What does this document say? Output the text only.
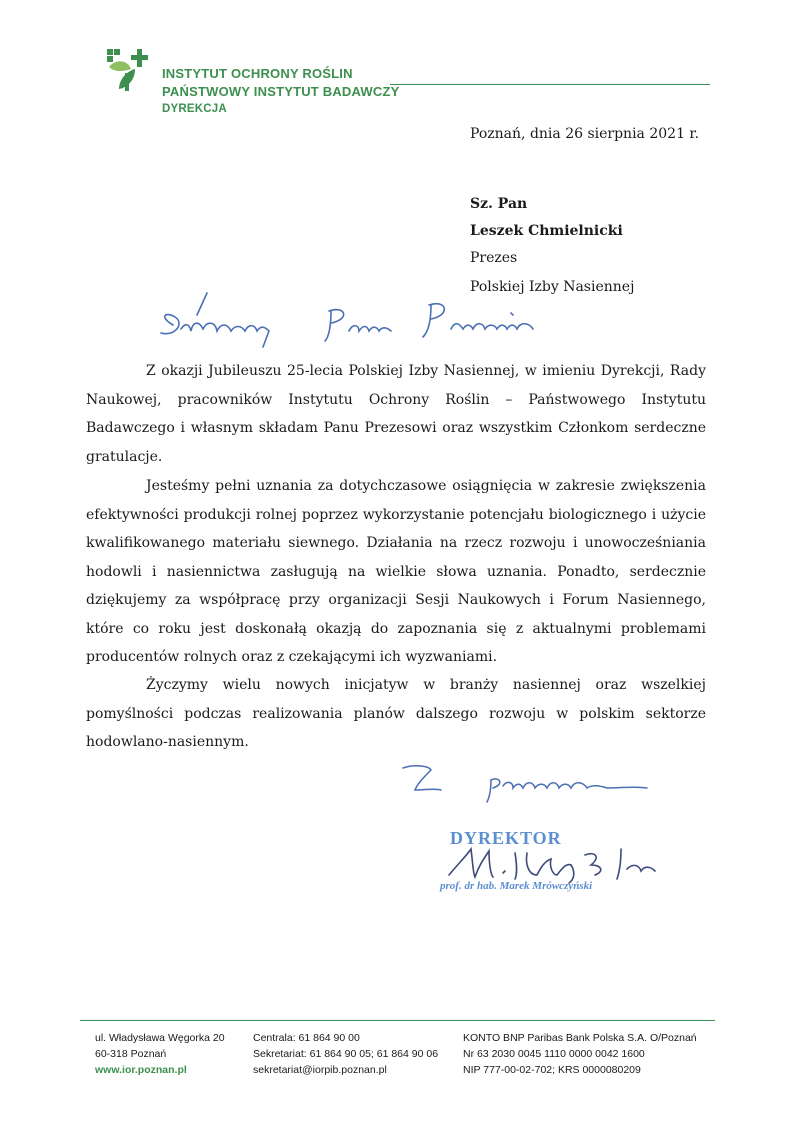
INSTYTUT OCHRONY ROŚLIN
PAŃSTWOWY INSTYTUT BADAWCZY
DYREKCJA
Poznań, dnia 26 sierpnia 2021 r.
Sz. Pan
Leszek Chmielnicki
Prezes
Polskiej Izby Nasiennej
Z okazji Jubileuszu 25-lecia Polskiej Izby Nasiennej, w imieniu Dyrekcji, Rady Naukowej, pracowników Instytutu Ochrony Roślin – Państwowego Instytutu Badawczego i własnym składam Panu Prezesowi oraz wszystkim Członkom serdeczne gratulacje.
Jesteśmy pełni uznania za dotychczasowe osiągnięcia w zakresie zwiększenia efektywności produkcji rolnej poprzez wykorzystanie potencjału biologicznego i użycie kwalifikowanego materiału siewnego. Działania na rzecz rozwoju i unowocześniania hodowli i nasiennictwa zasługują na wielkie słowa uznania. Ponadto, serdecznie dziękujemy za współpracę przy organizacji Sesji Naukowych i Forum Nasiennego, które co roku jest doskonałą okazją do zapoznania się z aktualnymi problemami producentów rolnych oraz z czekającymi ich wyzwaniami.
Życzymy wielu nowych inicjatyw w branży nasiennej oraz wszelkiej pomyślności podczas realizowania planów dalszego rozwoju w polskim sektorze hodowlano-nasiennym.
DYREKTOR
prof. dr hab. Marek Mrówczyński
ul. Władysława Węgorka 20
60-318 Poznań
www.ior.poznan.pl
Centrala: 61 864 90 00
Sekretariat: 61 864 90 05; 61 864 90 06
sekretariat@iorpib.poznan.pl
KONTO BNP Paribas Bank Polska S.A. O/Poznań
Nr 63 2030 0045 1110 0000 0042 1600
NIP 777-00-02-702; KRS 0000080209
